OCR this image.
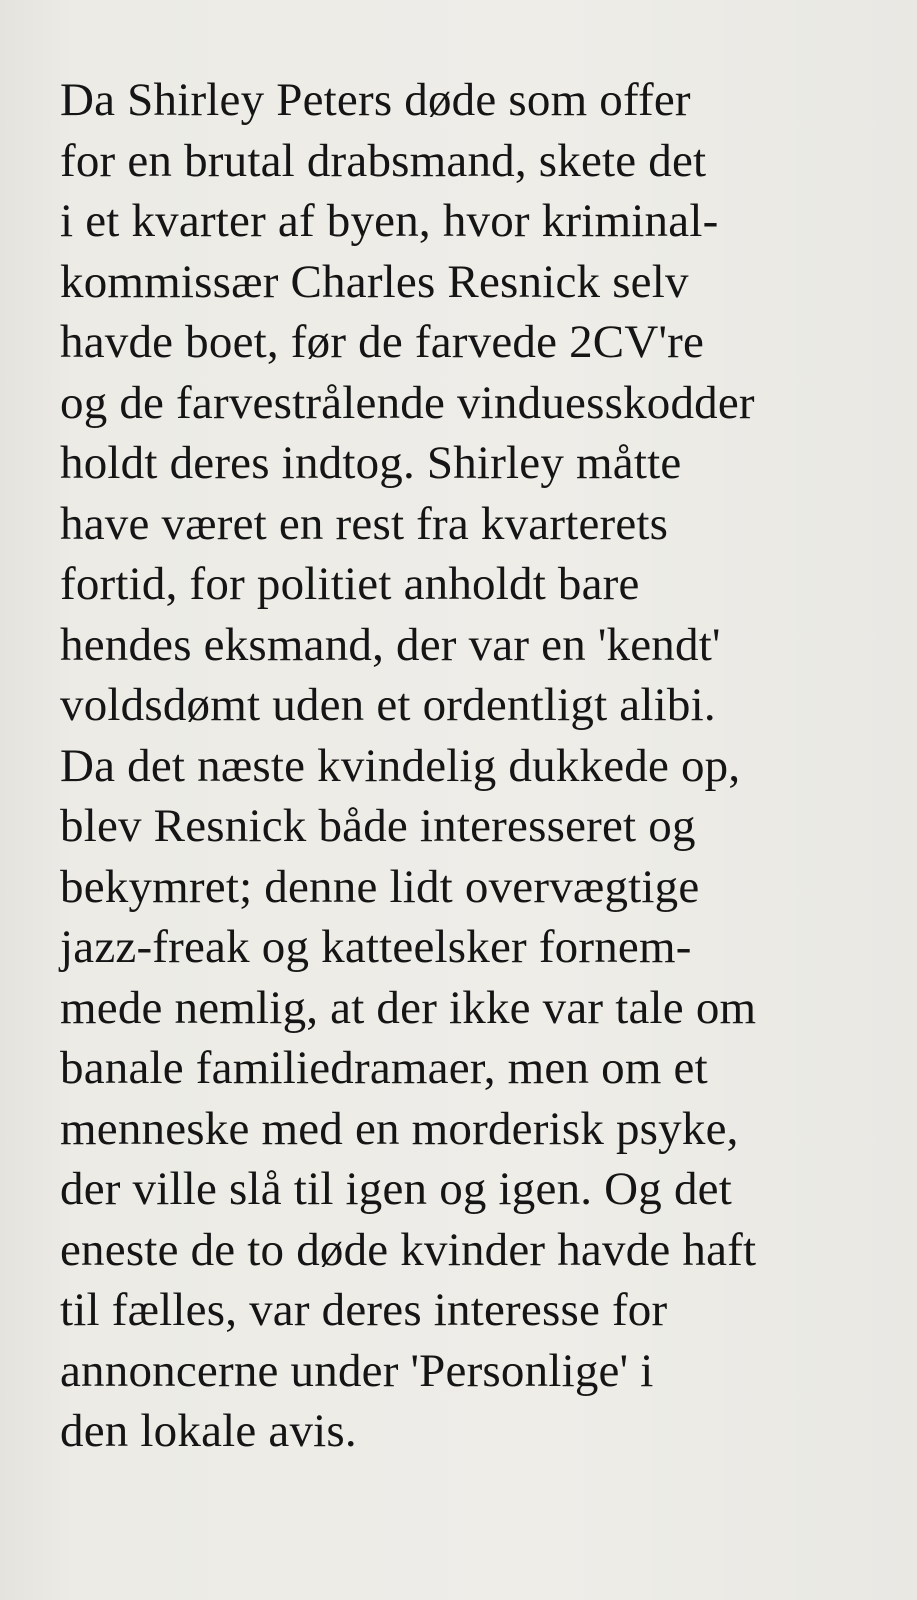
Da Shirley Peters døde som offer
for en brutal drabsmand, skete det
i et kvarter af byen, hvor kriminal-
kommissær Charles Resnick selv
havde boet, før de farvede 2CV're
og de farvestrålende vinduesskodder
holdt deres indtog. Shirley måtte
have været en rest fra kvarterets
fortid, for politiet anholdt bare
hendes eksmand, der var en 'kendt'
voldsdømt uden et ordentligt alibi.
Da det næste kvindelig dukkede op,
blev Resnick både interesseret og
bekymret; denne lidt overvægtige
jazz-freak og katteelsker fornem-
mede nemlig, at der ikke var tale om
banale familiedramaer, men om et
menneske med en morderisk psyke,
der ville slå til igen og igen. Og det
eneste de to døde kvinder havde haft
til fælles, var deres interesse for
annoncerne under 'Personlige' i
den lokale avis.
